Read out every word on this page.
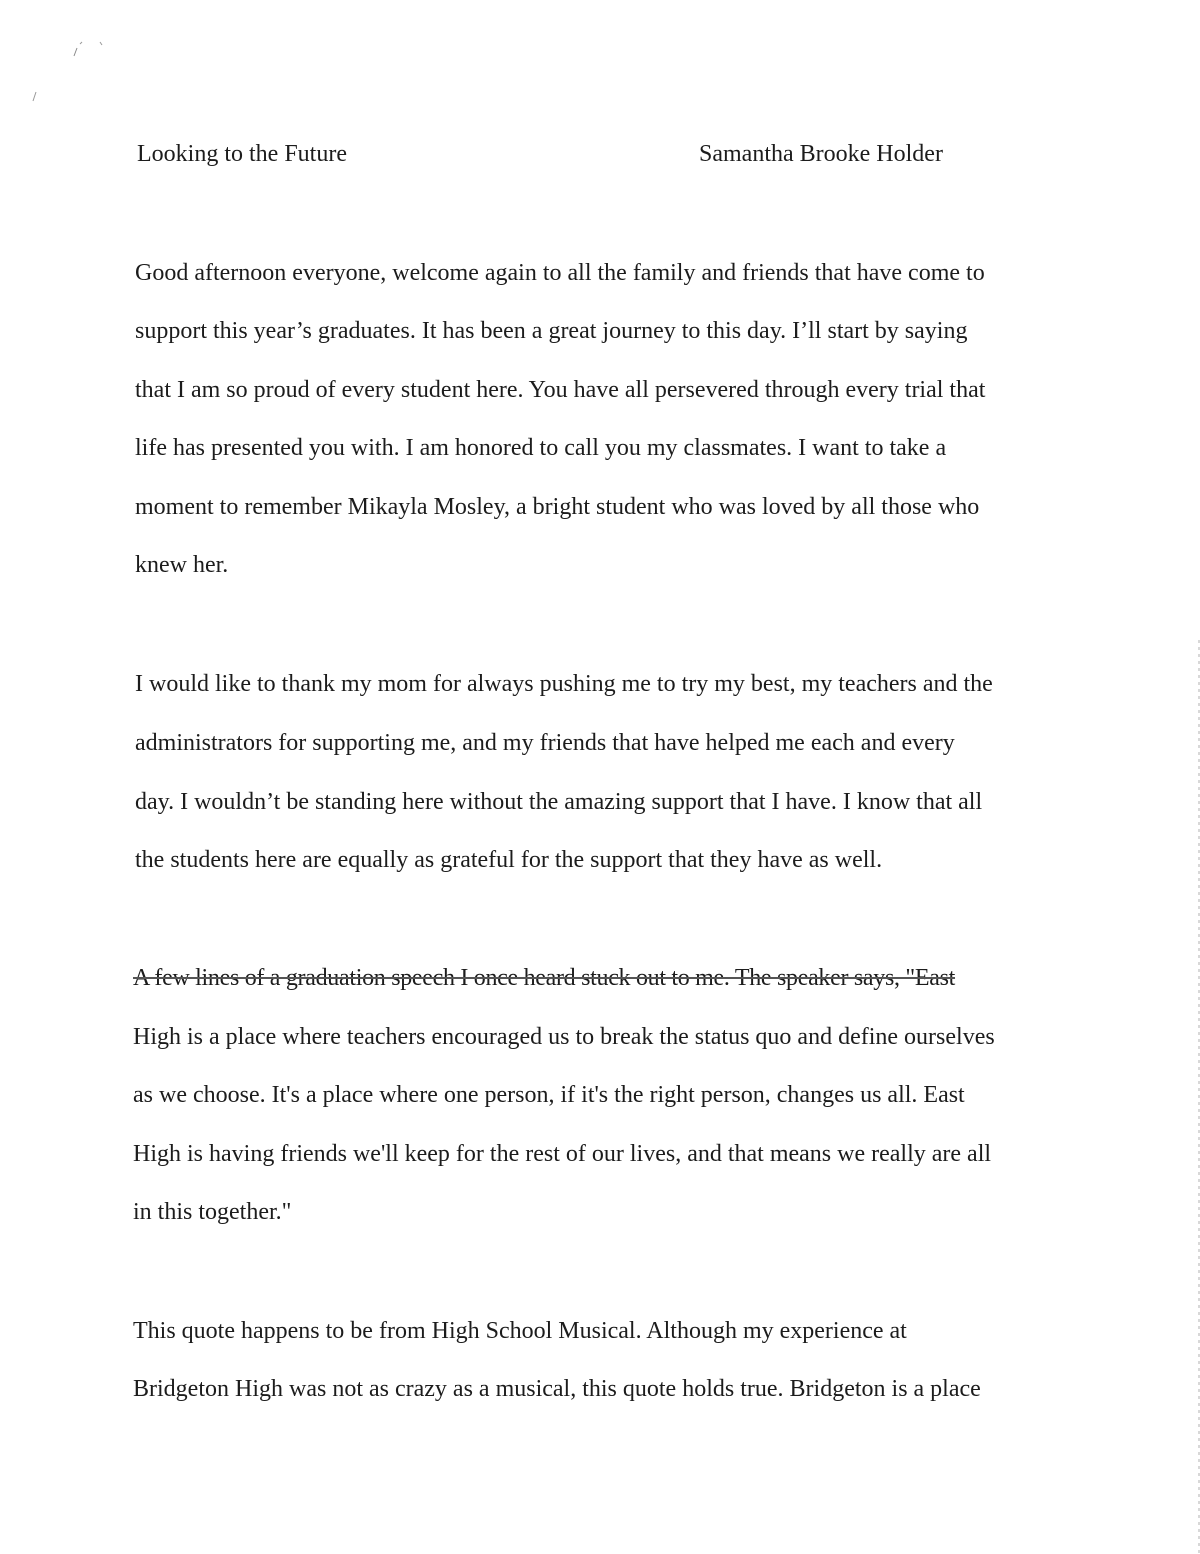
Looking to the Future	Samantha Brooke Holder
Good afternoon everyone, welcome again to all the family and friends that have come to
support this year’s graduates. It has been a great journey to this day. I’ll start by saying
that I am so proud of every student here. You have all persevered through every trial that
life has presented you with. I am honored to call you my classmates. I want to take a
moment to remember Mikayla Mosley, a bright student who was loved by all those who
knew her.
I would like to thank my mom for always pushing me to try my best, my teachers and the
administrators for supporting me, and my friends that have helped me each and every
day. I wouldn’t be standing here without the amazing support that I have. I know that all
the students here are equally as grateful for the support that they have as well.
A few lines of a graduation speech I once heard stuck out to me. The speaker says, "East
High is a place where teachers encouraged us to break the status quo and define ourselves
as we choose. It's a place where one person, if it's the right person, changes us all. East
High is having friends we'll keep for the rest of our lives, and that means we really are all
in this together."
This quote happens to be from High School Musical. Although my experience at
Bridgeton High was not as crazy as a musical, this quote holds true. Bridgeton is a place
